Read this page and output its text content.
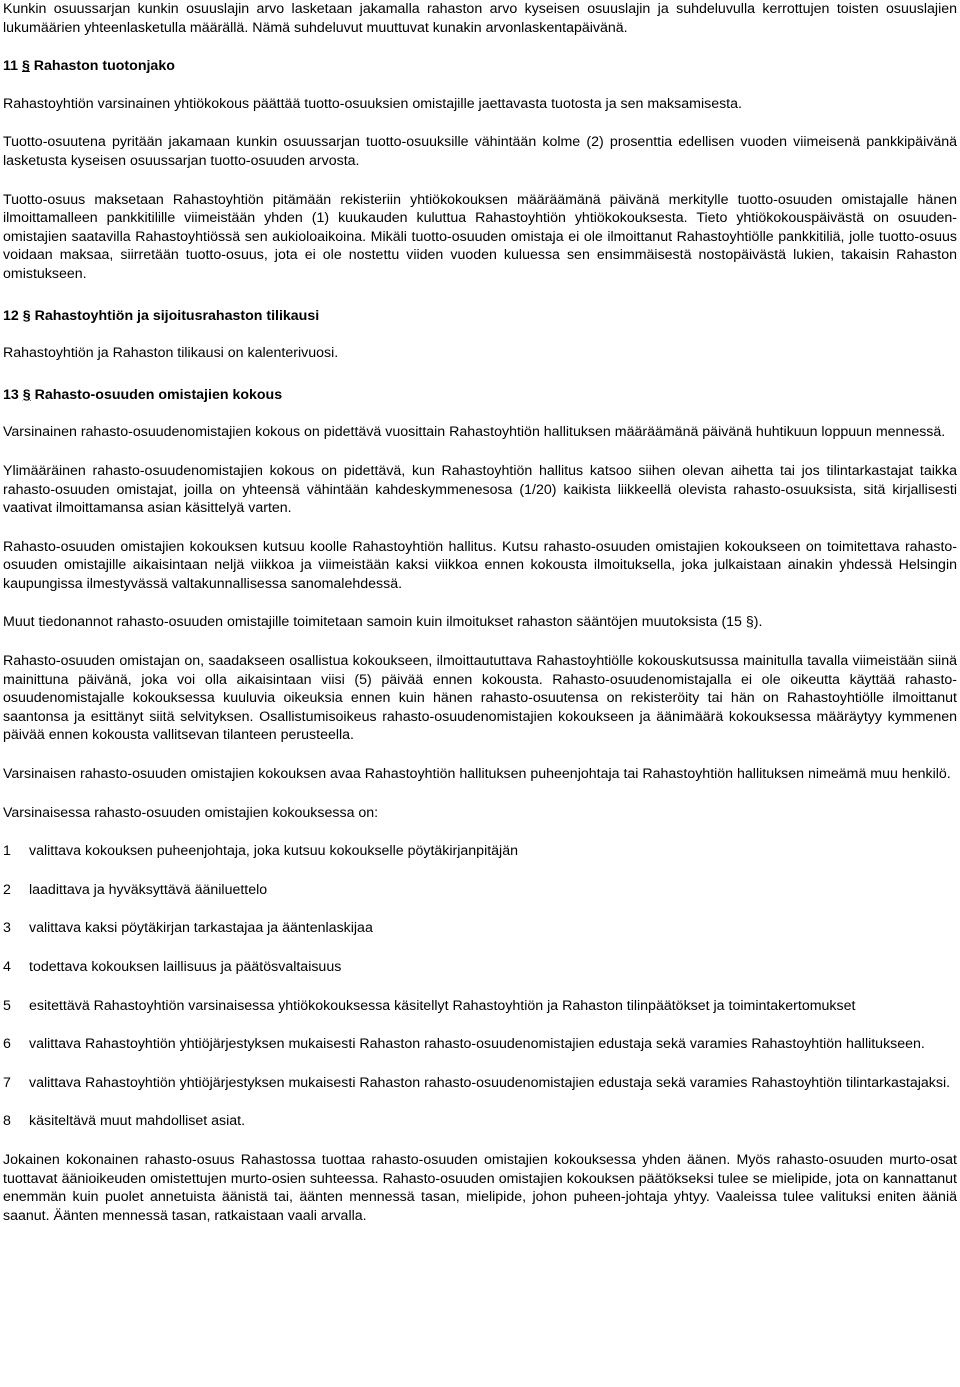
Kunkin osuussarjan kunkin osuuslajin arvo lasketaan jakamalla rahaston arvo kyseisen osuuslajin ja suhdeluvulla kerrottujen toisten osuuslajien lukumäärien yhteenlasketulla määrällä. Nämä suhdeluvut muuttuvat kunakin arvonlaskentapäivänä.

11 § Rahaston tuotonjako

Rahastoyhtiön varsinainen yhtiökokous päättää tuotto-osuuksien omistajille jaettavasta tuotosta ja sen maksamisesta.

Tuotto-osuutena pyritään jakamaan kunkin osuussarjan tuotto-osuuksille vähintään kolme (2) prosenttia edellisen vuoden viimeisenä pankkipäivänä lasketusta kyseisen osuussarjan tuotto-osuuden arvosta.

Tuotto-osuus maksetaan Rahastoyhtiön pitämään rekisteriin yhtiökokouksen määräämänä päivänä merkitylle tuotto-osuuden omistajalle hänen ilmoittamalleen pankkitilille viimeistään yhden (1) kuukauden kuluttua Rahastoyhtiön yhtiökokouksesta. Tieto yhtiökokouspäivästä on osuuden-omistajien saatavilla Rahastoyhtiössä sen aukioloaikoina. Mikäli tuotto-osuuden omistaja ei ole ilmoittanut Rahastoyhtiölle pankkitiliä, jolle tuotto-osuus voidaan maksaa, siirretään tuotto-osuus, jota ei ole nostettu viiden vuoden kuluessa sen ensimmäisestä nostopäivästä lukien, takaisin Rahaston omistukseen.

12 § Rahastoyhtiön ja sijoitusrahaston tilikausi

Rahastoyhtiön ja Rahaston tilikausi on kalenterivuosi.

13 § Rahasto-osuuden omistajien kokous

Varsinainen rahasto-osuudenomistajien kokous on pidettävä vuosittain Rahastoyhtiön hallituksen määräämänä päivänä huhtikuun loppuun mennessä.

Ylimääräinen rahasto-osuudenomistajien kokous on pidettävä, kun Rahastoyhtiön hallitus katsoo siihen olevan aihetta tai jos tilintarkastajat taikka rahasto-osuuden omistajat, joilla on yhteensä vähintään kahdeskymmenesosa (1/20) kaikista liikkeellä olevista rahasto-osuuksista, sitä kirjallisesti vaativat ilmoittamansa asian käsittelyä varten.

Rahasto-osuuden omistajien kokouksen kutsuu koolle Rahastoyhtiön hallitus. Kutsu rahasto-osuuden omistajien kokoukseen on toimitettava rahasto-osuuden omistajille aikaisintaan neljä viikkoa ja viimeistään kaksi viikkoa ennen kokousta ilmoituksella, joka julkaistaan ainakin yhdessä Helsingin kaupungissa ilmestyvässä valtakunnallisessa sanomalehdessä.

Muut tiedonannot rahasto-osuuden omistajille toimitetaan samoin kuin ilmoitukset rahaston sääntöjen muutoksista (15 §).

Rahasto-osuuden omistajan on, saadakseen osallistua kokoukseen, ilmoittaututtava Rahastoyhtiölle kokouskutsussa mainitulla tavalla viimeistään siinä mainittuna päivänä, joka voi olla aikaisintaan viisi (5) päivää ennen kokousta. Rahasto-osuudenomistajalla ei ole oikeutta käyttää rahasto-osuudenomistajalle kokouksessa kuuluvia oikeuksia ennen kuin hänen rahasto-osuutensa on rekisteröity tai hän on Rahastoyhtiölle ilmoittanut saantonsa ja esittänyt siitä selvityksen. Osallistumisoikeus rahasto-osuudenomistajien kokoukseen ja äänimäärä kokouksessa määräytyy kymmenen päivää ennen kokousta vallitsevan tilanteen perusteella.

Varsinaisen rahasto-osuuden omistajien kokouksen avaa Rahastoyhtiön hallituksen puheenjohtaja tai Rahastoyhtiön hallituksen nimeämä muu henkilö.

Varsinaisessa rahasto-osuuden omistajien kokouksessa on:

1	valittava kokouksen puheenjohtaja, joka kutsuu kokoukselle pöytäkirjanpitäjän
2	laadittava ja hyväksyttävä ääniluettelo
3	valittava kaksi pöytäkirjan tarkastajaa ja ääntenlaskijaa
4	todettava kokouksen laillisuus ja päätösvaltaisuus
5	esitettävä Rahastoyhtiön varsinaisessa yhtiökokouksessa käsitellyt Rahastoyhtiön ja Rahaston tilinpäätökset ja toimintakertomukset
6	valittava Rahastoyhtiön yhtiöjärjestyksen mukaisesti Rahaston rahasto-osuudenomistajien edustaja sekä varamies Rahastoyhtiön hallitukseen.
7	valittava Rahastoyhtiön yhtiöjärjestyksen mukaisesti Rahaston rahasto-osuudenomistajien edustaja sekä varamies Rahastoyhtiön tilintarkastajaksi.
8	käsiteltävä muut mahdolliset asiat.

Jokainen kokonainen rahasto-osuus Rahastossa tuottaa rahasto-osuuden omistajien kokouksessa yhden äänen. Myös rahasto-osuuden murto-osat tuottavat äänioikeuden omistettujen murto-osien suhteessa. Rahasto-osuuden omistajien kokouksen päätökseksi tulee se mielipide, jota on kannattanut enemmän kuin puolet annetuista äänistä tai, äänten mennessä tasan, mielipide, johon puheen-johtaja yhtyy. Vaaleissa tulee valituksi eniten ääniä saanut. Äänten mennessä tasan, ratkaistaan vaali arvalla.
